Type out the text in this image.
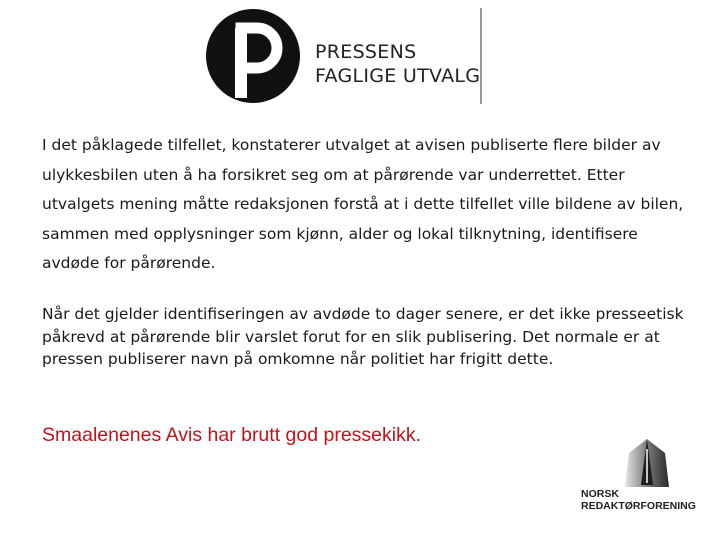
PRESSENS
FAGLIGE UTVALG

I det påklagede tilfellet, konstaterer utvalget at avisen publiserte flere bilder av ulykkesbilen uten å ha forsikret seg om at pårørende var underrettet. Etter utvalgets mening måtte redaksjonen forstå at i dette tilfellet ville bildene av bilen, sammen med opplysninger som kjønn, alder og lokal tilknytning, identifisere avdøde for pårørende.

Når det gjelder identifiseringen av avdøde to dager senere, er det ikke presseetisk påkrevd at pårørende blir varslet forut for en slik publisering. Det normale er at pressen publiserer navn på omkomne når politiet har frigitt dette.

Smaalenenes Avis har brutt god pressekikk.

NORSK
REDAKTØRFORENING
